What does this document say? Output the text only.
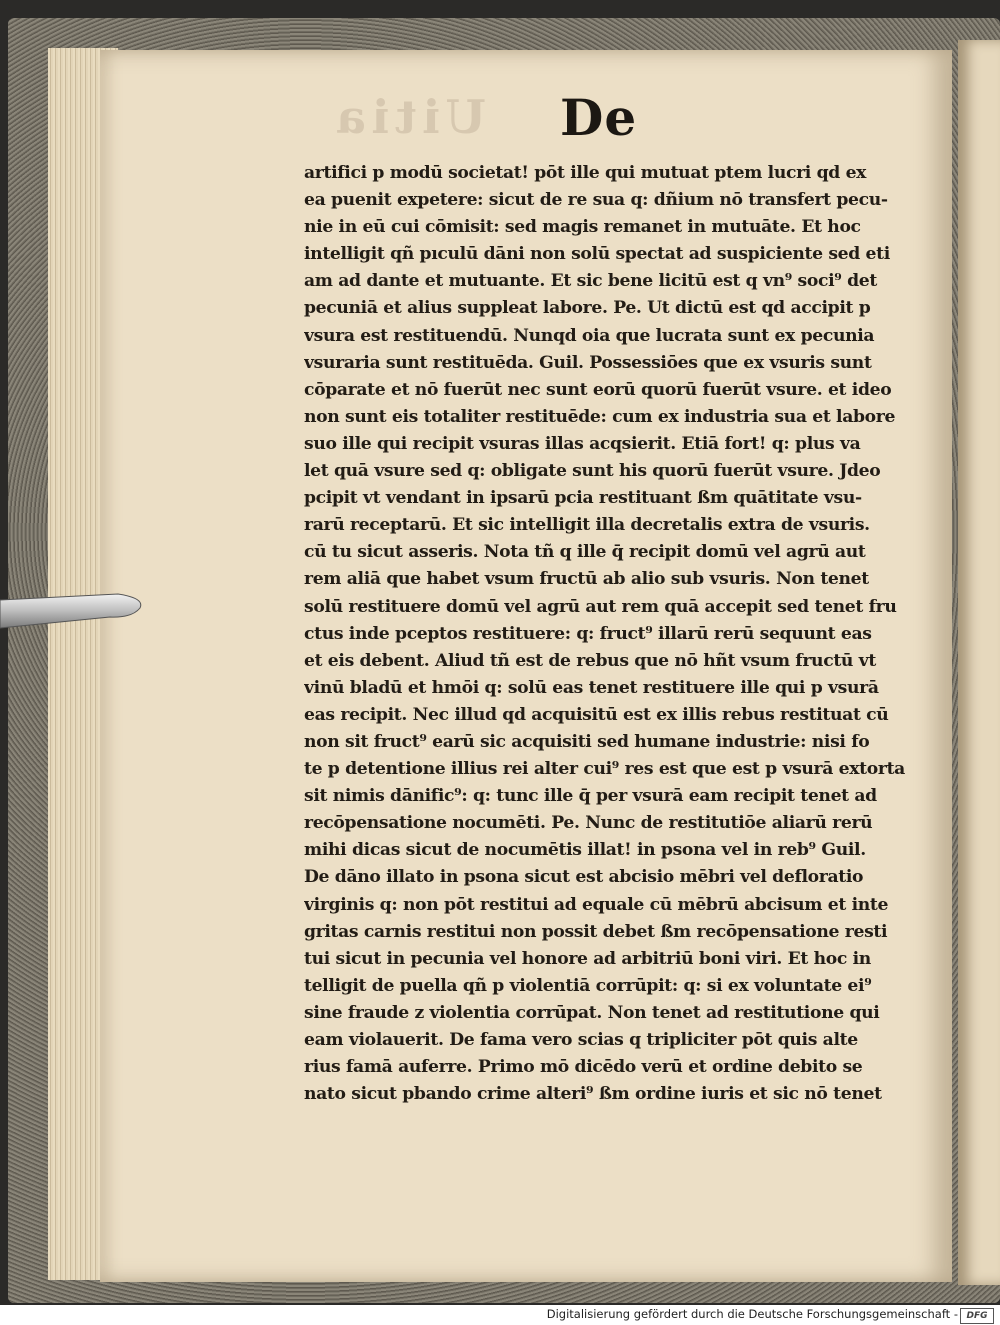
Uitia De
artifici p modū societat! pōt ille qui mutuat ptem lucri qd ex
ea puenit expetere: sicut de re sua q: dñium nō transfert pecu-
nie in eū cui cōmisit: sed magis remanet in mutuāte. Et hoc
intelligit qñ pıculū dāni non solū spectat ad suspiciente sed eti
am ad dante et mutuante. Et sic bene licitū est q vn⁹ soci⁹ det
pecuniā et alius suppleat labore. Pe. Ut dictū est qd accipit p
vsura est restituendū. Nunqd oia que lucrata sunt ex pecunia
vsuraria sunt restituēda. Guil. Possessiōes que ex vsuris sunt
cōparate et nō fuerūt nec sunt eorū quorū fuerūt vsure. et ideo
non sunt eis totaliter restituēde: cum ex industria sua et labore
suo ille qui recipit vsuras illas acqsierit. Etiā fort! q: plus va
let quā vsure sed q: obligate sunt his quorū fuerūt vsure. Jdeo
pcipit vt vendant in ipsarū pcia restituant ßm quātitate vsu-
rarū receptarū. Et sic intelligit illa decretalis extra de vsuris.
cū tu sicut asseris. Nota tñ q ille q̄ recipit domū vel agrū aut
rem aliā que habet vsum fructū ab alio sub vsuris. Non tenet
solū restituere domū vel agrū aut rem quā accepit sed tenet fru
ctus inde pceptos restituere: q: fruct⁹ illarū rerū sequunt eas
et eis debent. Aliud tñ est de rebus que nō hñt vsum fructū vt
vinū bladū et hmōi q: solū eas tenet restituere ille qui p vsurā
eas recipit. Nec illud qd acquisitū est ex illis rebus restituat cū
non sit fruct⁹ earū sic acquisiti sed humane industrie: nisi fo
te p detentione illius rei alter cui⁹ res est que est p vsurā extorta
sit nimis dānific⁹: q: tunc ille q̄ per vsurā eam recipit tenet ad
recōpensatione nocumēti. Pe. Nunc de restitutiōe aliarū rerū
mihi dicas sicut de nocumētis illat! in psona vel in reb⁹ Guil.
De dāno illato in psona sicut est abcisio mēbri vel defloratio
virginis q: non pōt restitui ad equale cū mēbrū abcisum et inte
gritas carnis restitui non possit debet ßm recōpensatione resti
tui sicut in pecunia vel honore ad arbitriū boni viri. Et hoc in
telligit de puella qñ p violentiā corrūpit: q: si ex voluntate ei⁹
sine fraude z violentia corrūpat. Non tenet ad restitutione qui
eam violauerit. De fama vero scias q tripliciter pōt quis alte
rius famā auferre. Primo mō dicēdo verū et ordine debito se
nato sicut pbando crime alteri⁹ ßm ordine iuris et sic nō tenet
Digitalisierung gefördert durch die Deutsche Forschungsgemeinschaft - DFG
